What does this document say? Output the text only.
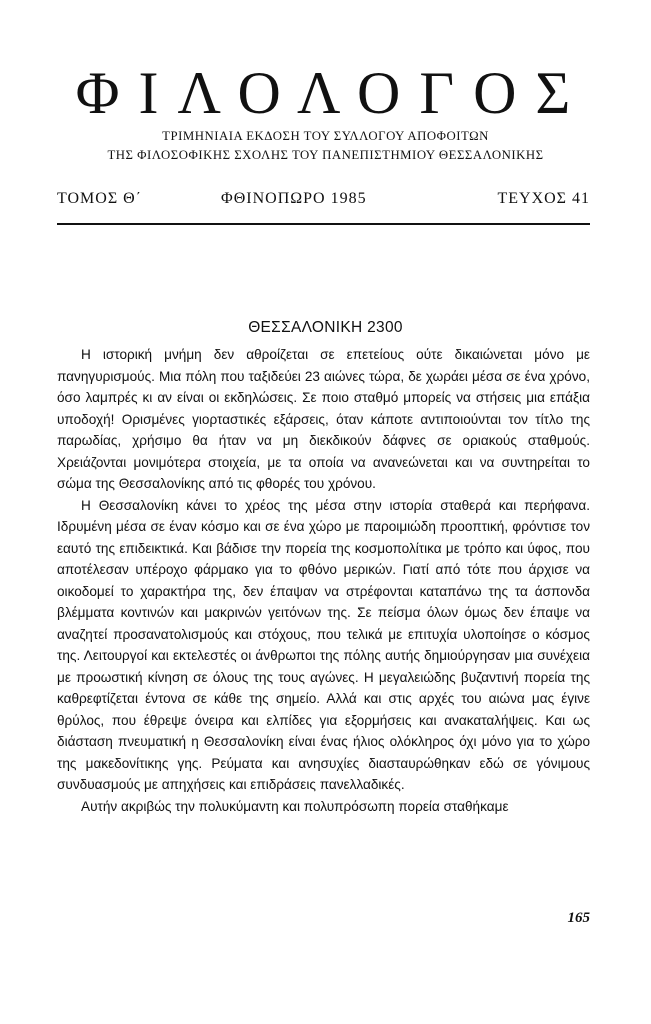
ΦΙΛΟΛΟΓΟΣ
ΤΡΙΜΗΝΙΑΙΑ ΕΚΔΟΣΗ ΤΟΥ ΣΥΛΛΟΓΟΥ ΑΠΟΦΟΙΤΩΝ
ΤΗΣ ΦΙΛΟΣΟΦΙΚΗΣ ΣΧΟΛΗΣ ΤΟΥ ΠΑΝΕΠΙΣΤΗΜΙΟΥ ΘΕΣΣΑΛΟΝΙΚΗΣ
ΤΟΜΟΣ Θ΄	ΦΘΙΝΟΠΩΡΟ 1985	ΤΕΥΧΟΣ 41
ΘΕΣΣΑΛΟΝΙΚΗ 2300

Η ιστορική μνήμη δεν αθροίζεται σε επετείους ούτε δικαιώνεται μόνο με πανηγυρισμούς. Μια πόλη που ταξιδεύει 23 αιώνες τώρα, δε χωράει μέσα σε ένα χρόνο, όσο λαμπρές κι αν είναι οι εκδηλώσεις. Σε ποιο σταθμό μπορείς να στήσεις μια επάξια υποδοχή! Ορισμένες γιορταστικές εξάρσεις, όταν κάποτε αντιποιούνται τον τίτλο της παρωδίας, χρήσιμο θα ήταν να μη διεκδικούν δάφνες σε οριακούς σταθμούς. Χρειάζονται μονιμότερα στοιχεία, με τα οποία να ανανεώνεται και να συντηρείται το σώμα της Θεσσαλονίκης από τις φθορές του χρόνου.

Η Θεσσαλονίκη κάνει το χρέος της μέσα στην ιστορία σταθερά και περήφανα. Ιδρυμένη μέσα σε έναν κόσμο και σε ένα χώρο με παροιμιώδη προοπτική, φρόντισε τον εαυτό της επιδεικτικά. Και βάδισε την πορεία της κοσμοπολίτικα με τρόπο και ύφος, που αποτέλεσαν υπέροχο φάρμακο για το φθόνο μερικών. Γιατί από τότε που άρχισε να οικοδομεί το χαρακτήρα της, δεν έπαψαν να στρέφονται καταπάνω της τα άσπονδα βλέμματα κοντινών και μακρινών γειτόνων της. Σε πείσμα όλων όμως δεν έπαψε να αναζητεί προσανατολισμούς και στόχους, που τελικά με επιτυχία υλοποίησε ο κόσμος της. Λειτουργοί και εκτελεστές οι άνθρωποι της πόλης αυτής δημιούργησαν μια συνέχεια με προωστική κίνηση σε όλους της τους αγώνες. Η μεγαλειώδης βυζαντινή πορεία της καθρεφτίζεται έντονα σε κάθε της σημείο. Αλλά και στις αρχές του αιώνα μας έγινε θρύλος, που έθρεψε όνειρα και ελπίδες για εξορμήσεις και ανακαταλήψεις. Και ως διάσταση πνευματική η Θεσσαλονίκη είναι ένας ήλιος ολόκληρος όχι μόνο για το χώρο της μακεδονίτικης γης. Ρεύματα και ανησυχίες διασταυρώθηκαν εδώ σε γόνιμους συνδυασμούς με απηχήσεις και επιδράσεις πανελλαδικές.

Αυτήν ακριβώς την πολυκύμαντη και πολυπρόσωπη πορεία σταθήκαμε

165
